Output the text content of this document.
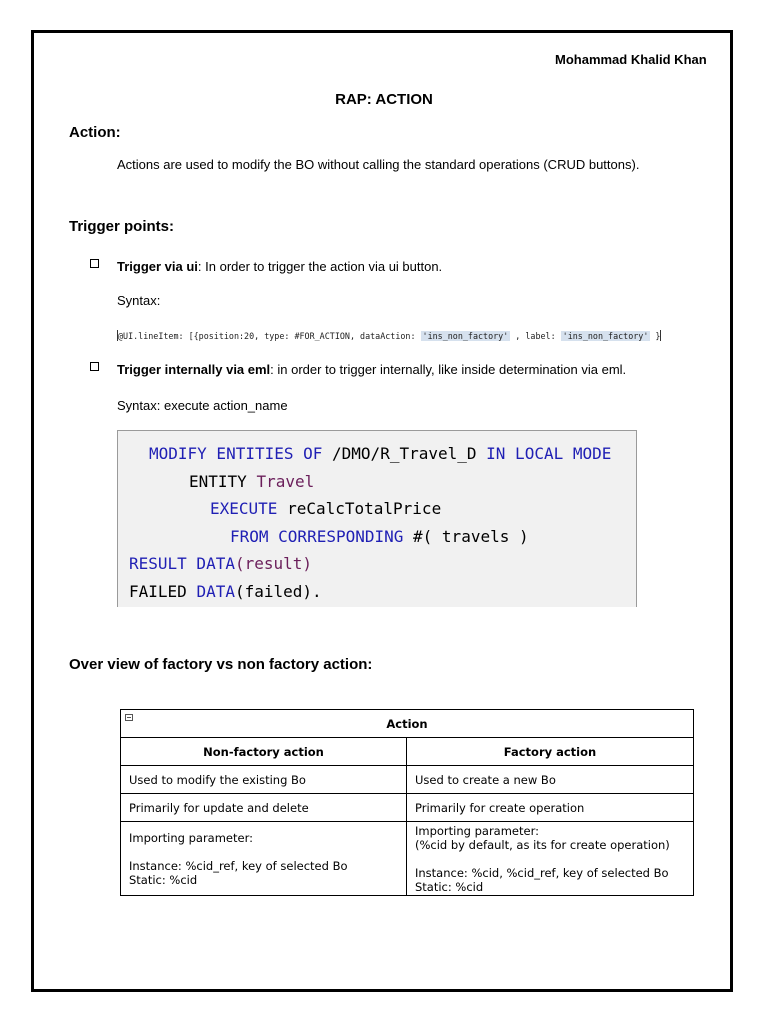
Mohammad Khalid Khan
RAP: ACTION
Action:
Actions are used to modify the BO without calling the standard operations (CRUD buttons).
Trigger points:
Trigger via ui: In order to trigger the action via ui button.
Syntax:
@UI.lineItem: [{position:20, type: #FOR_ACTION, dataAction: 'ins_non_factory' , label: 'ins_non_factory' }
Trigger internally via eml: in order to trigger internally, like inside determination via eml.
Syntax: execute action_name
MODIFY ENTITIES OF /DMO/R_Travel_D IN LOCAL MODE
ENTITY Travel
EXECUTE reCalcTotalPrice
FROM CORRESPONDING #( travels )
RESULT DATA(result)
FAILED DATA(failed).
Over view of factory vs non factory action:
Action	
Non-factory action	Factory action
Used to modify the existing Bo	Used to create a new Bo
Primarily for update and delete	Primarily for create operation
Importing parameter:

Instance: %cid_ref, key of selected Bo
Static: %cid	Importing parameter:
(%cid by default, as its for create operation)

Instance: %cid, %cid_ref, key of selected Bo
Static: %cid
